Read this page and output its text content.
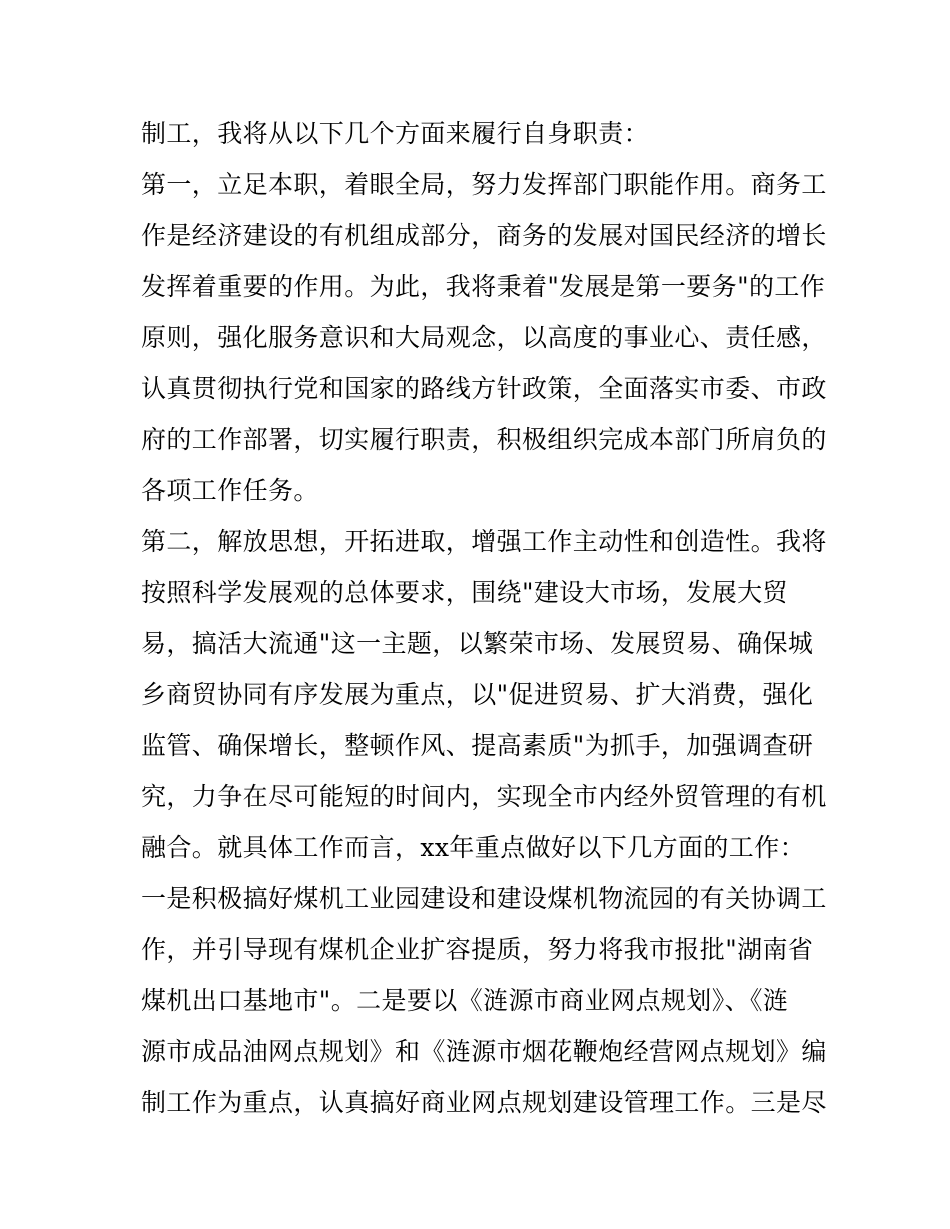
制工，我将从以下几个方面来履行自身职责：
第一，立足本职，着眼全局，努力发挥部门职能作用。商务工
作是经济建设的有机组成部分，商务的发展对国民经济的增长
发挥着重要的作用。为此，我将秉着"发展是第一要务"的工作
原则，强化服务意识和大局观念，以高度的事业心、责任感，
认真贯彻执行党和国家的路线方针政策，全面落实市委、市政
府的工作部署，切实履行职责，积极组织完成本部门所肩负的
各项工作任务。
第二，解放思想，开拓进取，增强工作主动性和创造性。我将
按照科学发展观的总体要求，围绕"建设大市场，发展大贸
易，搞活大流通"这一主题，以繁荣市场、发展贸易、确保城
乡商贸协同有序发展为重点，以"促进贸易、扩大消费，强化
监管、确保增长，整顿作风、提高素质"为抓手，加强调查研
究，力争在尽可能短的时间内，实现全市内经外贸管理的有机
融合。就具体工作而言，xx年重点做好以下几方面的工作：
一是积极搞好煤机工业园建设和建设煤机物流园的有关协调工
作，并引导现有煤机企业扩容提质，努力将我市报批"湖南省
煤机出口基地市"。二是要以《涟源市商业网点规划》、《涟
源市成品油网点规划》和《涟源市烟花鞭炮经营网点规划》编
制工作为重点，认真搞好商业网点规划建设管理工作。三是尽
